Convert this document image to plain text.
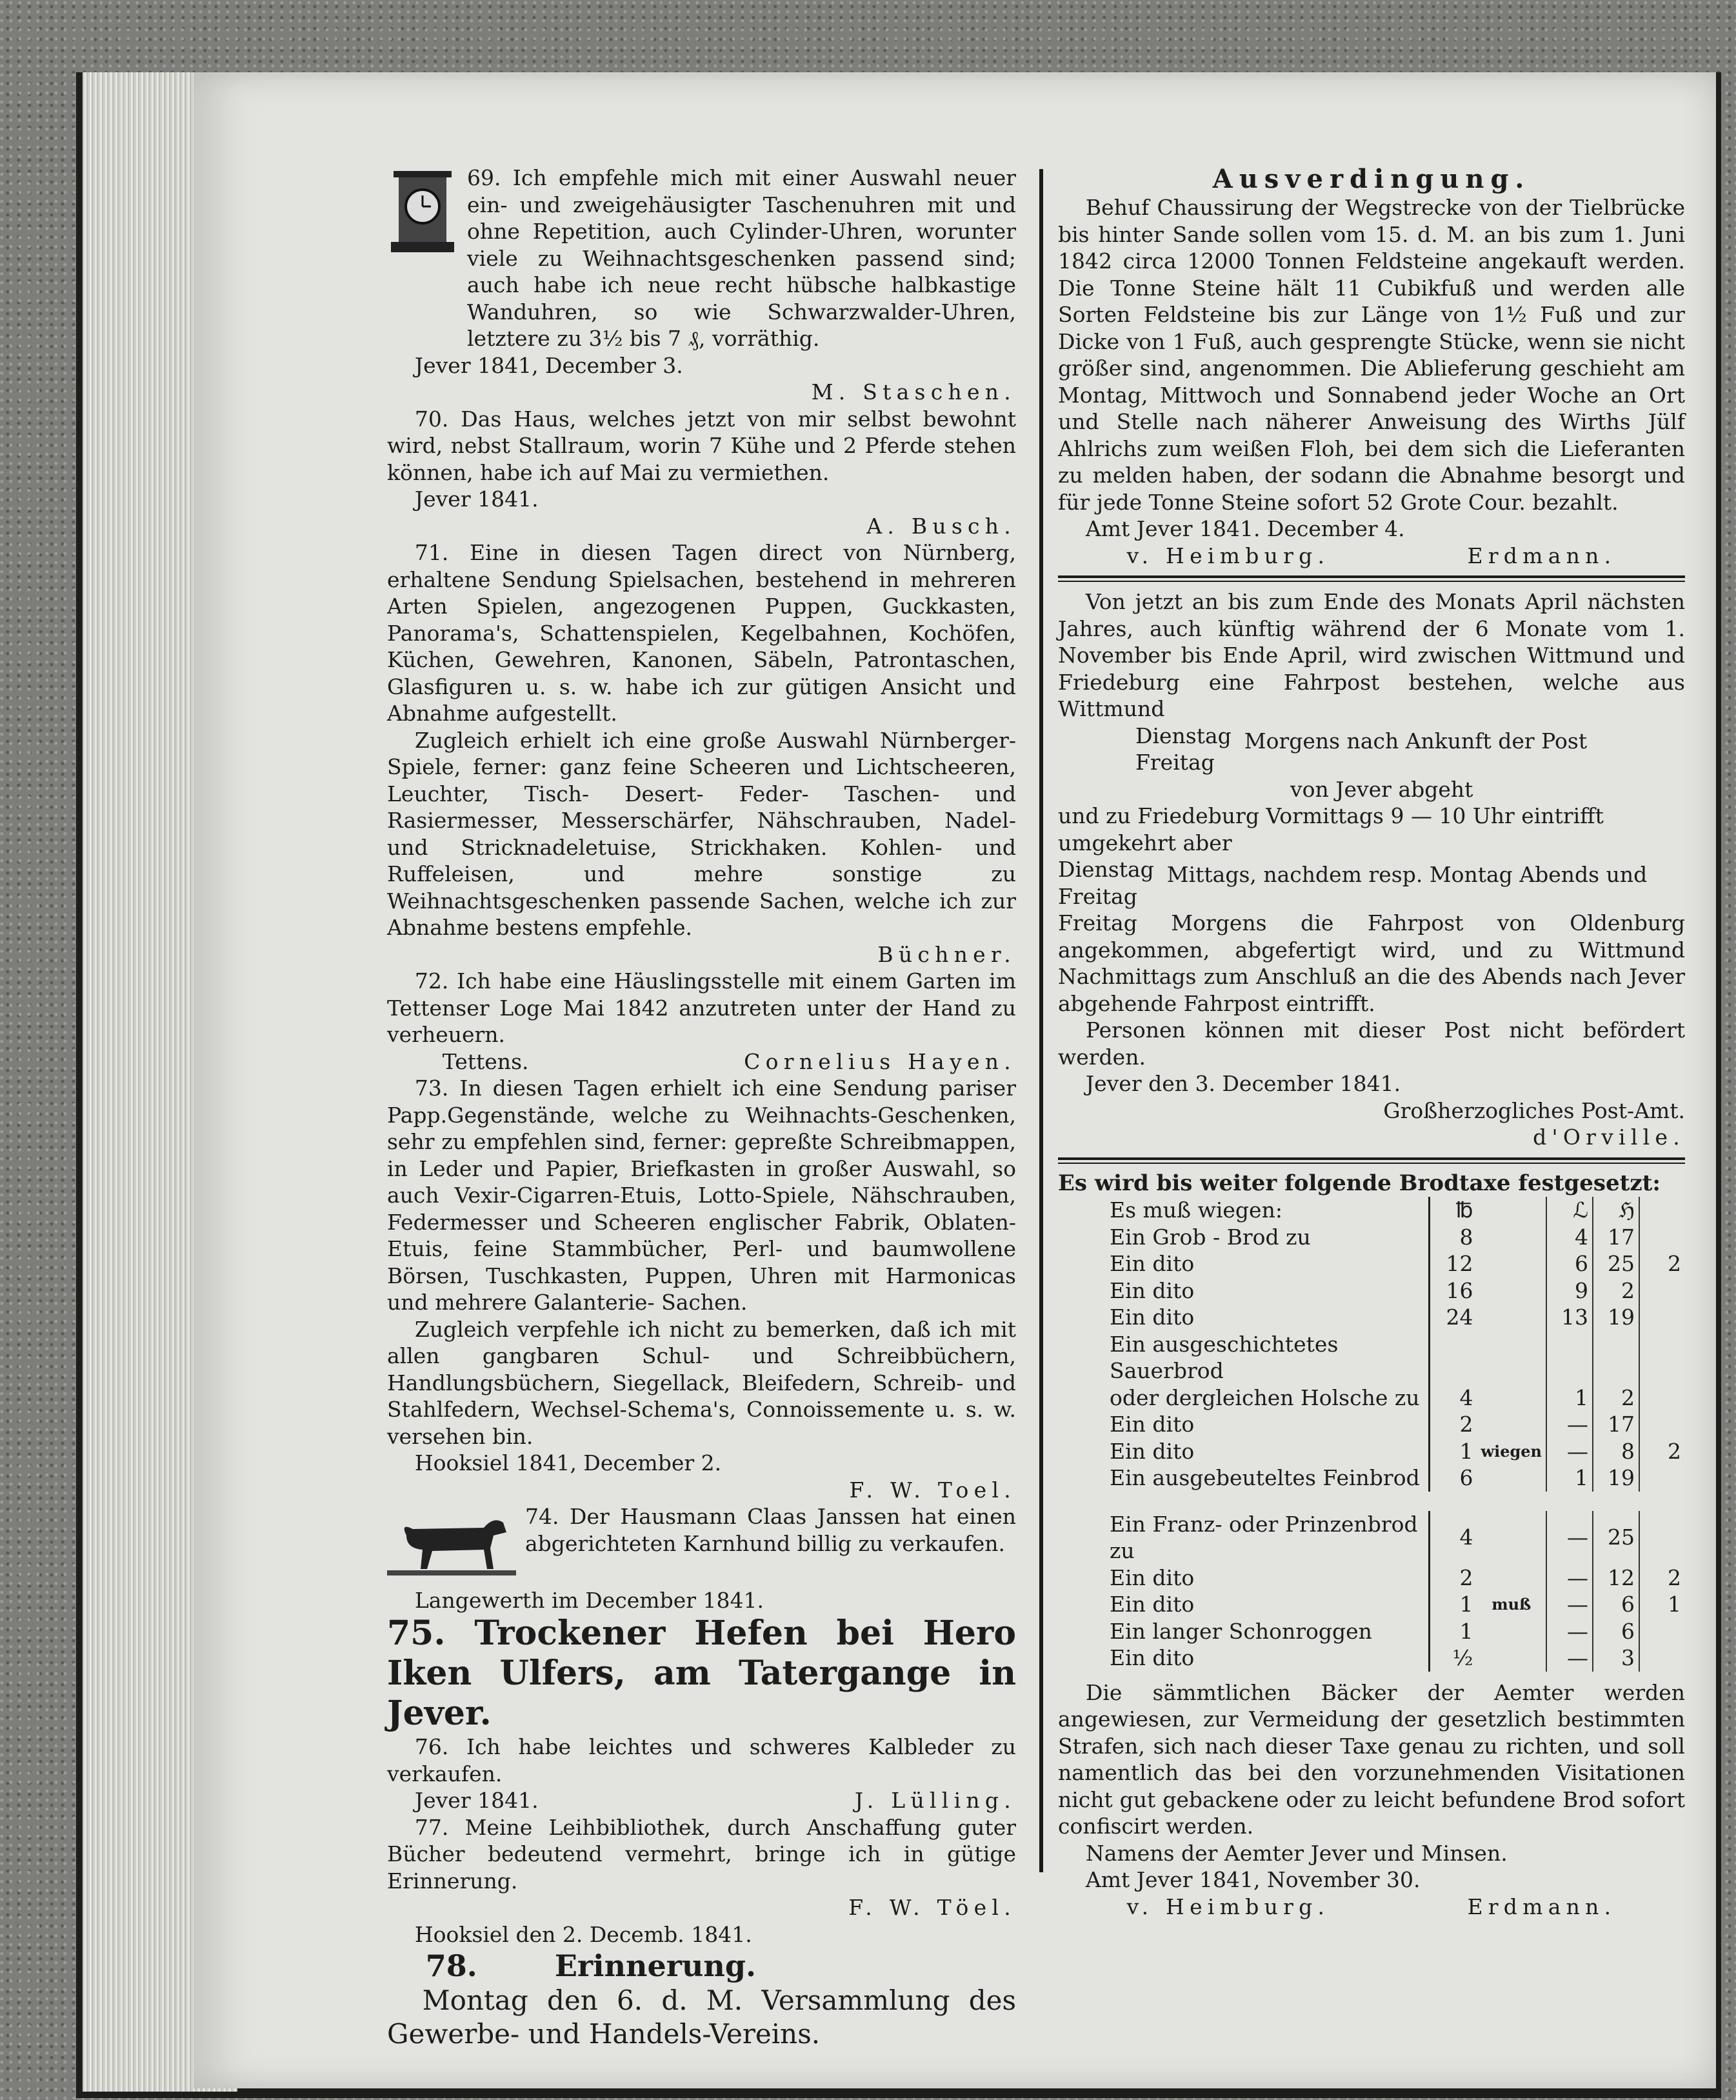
69. Ich empfehle mich mit einer Auswahl neuer ein- und zweigehäusigter Taschenuhren mit und ohne Repetition, auch Cylinder-Uhren, worunter viele zu Weihnachtsgeschenken passend sind; auch habe ich neue recht hübsche halbkastige Wanduhren, so wie Schwarzwalder-Uhren, letztere zu 3½ bis 7 ₰, vorräthig.

Jever 1841, December 3.

M. Staschen.

70. Das Haus, welches jetzt von mir selbst bewohnt wird, nebst Stallraum, worin 7 Kühe und 2 Pferde stehen können, habe ich auf Mai zu vermiethen.

Jever 1841.

A. Busch.

71. Eine in diesen Tagen direct von Nürnberg, erhaltene Sendung Spielsachen, bestehend in mehreren Arten Spielen, angezogenen Puppen, Guckkasten, Panorama's, Schattenspielen, Kegelbahnen, Kochöfen, Küchen, Gewehren, Kanonen, Säbeln, Patrontaschen, Glasfiguren u. s. w. habe ich zur gütigen Ansicht und Abnahme aufgestellt.

Zugleich erhielt ich eine große Auswahl Nürnberger-Spiele, ferner: ganz feine Scheeren und Lichtscheeren, Leuchter, Tisch- Desert- Feder- Taschen- und Rasiermesser, Messerschärfer, Nähschrauben, Nadel- und Stricknadeletuise, Strickhaken. Kohlen- und Ruffeleisen, und mehre sonstige zu Weihnachtsgeschenken passende Sachen, welche ich zur Abnahme bestens empfehle.

Büchner.

72. Ich habe eine Häuslingsstelle mit einem Garten im Tettenser Loge Mai 1842 anzutreten unter der Hand zu verheuern.

Tettens.	Cornelius Hayen.

73. In diesen Tagen erhielt ich eine Sendung pariser Papp.Gegenstände, welche zu Weihnachts-Geschenken, sehr zu empfehlen sind, ferner: gepreßte Schreibmappen, in Leder und Papier, Briefkasten in großer Auswahl, so auch Vexir-Cigarren-Etuis, Lotto-Spiele, Nähschrauben, Federmesser und Scheeren englischer Fabrik, Oblaten-Etuis, feine Stammbücher, Perl- und baumwollene Börsen, Tuschkasten, Puppen, Uhren mit Harmonicas und mehrere Galanterie- Sachen.

Zugleich verpfehle ich nicht zu bemerken, daß ich mit allen gangbaren Schul- und Schreibbüchern, Handlungsbüchern, Siegellack, Bleifedern, Schreib- und Stahlfedern, Wechsel-Schema's, Connoissemente u. s. w. versehen bin.

Hooksiel 1841, December 2.

F. W. Toel.

74. Der Hausmann Claas Janssen hat einen abgerichteten Karnhund billig zu verkaufen.

Langewerth im December 1841.

75. Trockener Hefen bei Hero Iken Ulfers, am Tatergange in Jever.

76. Ich habe leichtes und schweres Kalbleder zu verkaufen.

Jever 1841.	J. Lülling.

77. Meine Leihbibliothek, durch Anschaffung guter Bücher bedeutend vermehrt, bringe ich in gütige Erinnerung.

F. W. Töel.

Hooksiel den 2. Decemb. 1841.

78.	Erinnerung.

Montag den 6. d. M. Versammlung des Gewerbe- und Handels-Vereins.

Ausverdingung.

Behuf Chaussirung der Wegstrecke von der Tielbrücke bis hinter Sande sollen vom 15. d. M. an bis zum 1. Juni 1842 circa 12000 Tonnen Feldsteine angekauft werden. Die Tonne Steine hält 11 Cubikfuß und werden alle Sorten Feldsteine bis zur Länge von 1½ Fuß und zur Dicke von 1 Fuß, auch gesprengte Stücke, wenn sie nicht größer sind, angenommen. Die Ablieferung geschieht am Montag, Mittwoch und Sonnabend jeder Woche an Ort und Stelle nach näherer Anweisung des Wirths Jülf Ahlrichs zum weißen Floh, bei dem sich die Lieferanten zu melden haben, der sodann die Abnahme besorgt und für jede Tonne Steine sofort 52 Grote Cour. bezahlt.

Amt Jever 1841. December 4.

v. Heimburg.	Erdmann.

Von jetzt an bis zum Ende des Monats April nächsten Jahres, auch künftig während der 6 Monate vom 1. November bis Ende April, wird zwischen Wittmund und Friedeburg eine Fahrpost bestehen, welche aus Wittmund

Dienstag
Freitag
Morgens nach Ankunft der Post

von Jever abgeht

und zu Friedeburg Vormittags 9 — 10 Uhr eintrifft

umgekehrt aber

Dienstag
Freitag
Mittags, nachdem resp. Montag Abends und

Freitag Morgens die Fahrpost von Oldenburg angekommen, abgefertigt wird, und zu Wittmund Nachmittags zum Anschluß an die des Abends nach Jever abgehende Fahrpost eintrifft.

Personen können mit dieser Post nicht befördert werden.

Jever den 3. December 1841.

Großherzogliches Post-Amt.

d'Orville.

Es wird bis weiter folgende Brodtaxe festgesetzt:

Es muß wiegen:	℔		ℒ	ℌ	
Ein Grob - Brod zu	8		4	17	
Ein dito	12		6	25	2
Ein dito	16		9	2	
Ein dito	24		13	19	
Ein ausgeschichtetes Sauerbrod					
oder dergleichen Holsche zu	4		1	2	
Ein dito	2		—	17	
Ein dito	1	wiegen	—	8	2
Ein ausgebeuteltes Feinbrod	6		1	19	

Ein Franz- oder Prinzenbrod zu	4		—	25	
Ein dito	2		—	12	2
Ein dito	1	muß	—	6	1
Ein langer Schonroggen	1		—	6	
Ein dito	½		—	3	

Die sämmtlichen Bäcker der Aemter werden angewiesen, zur Vermeidung der gesetzlich bestimmten Strafen, sich nach dieser Taxe genau zu richten, und soll namentlich das bei den vorzunehmenden Visitationen nicht gut gebackene oder zu leicht befundene Brod sofort confiscirt werden.

Namens der Aemter Jever und Minsen.

Amt Jever 1841, November 30.

v. Heimburg.	Erdmann.
